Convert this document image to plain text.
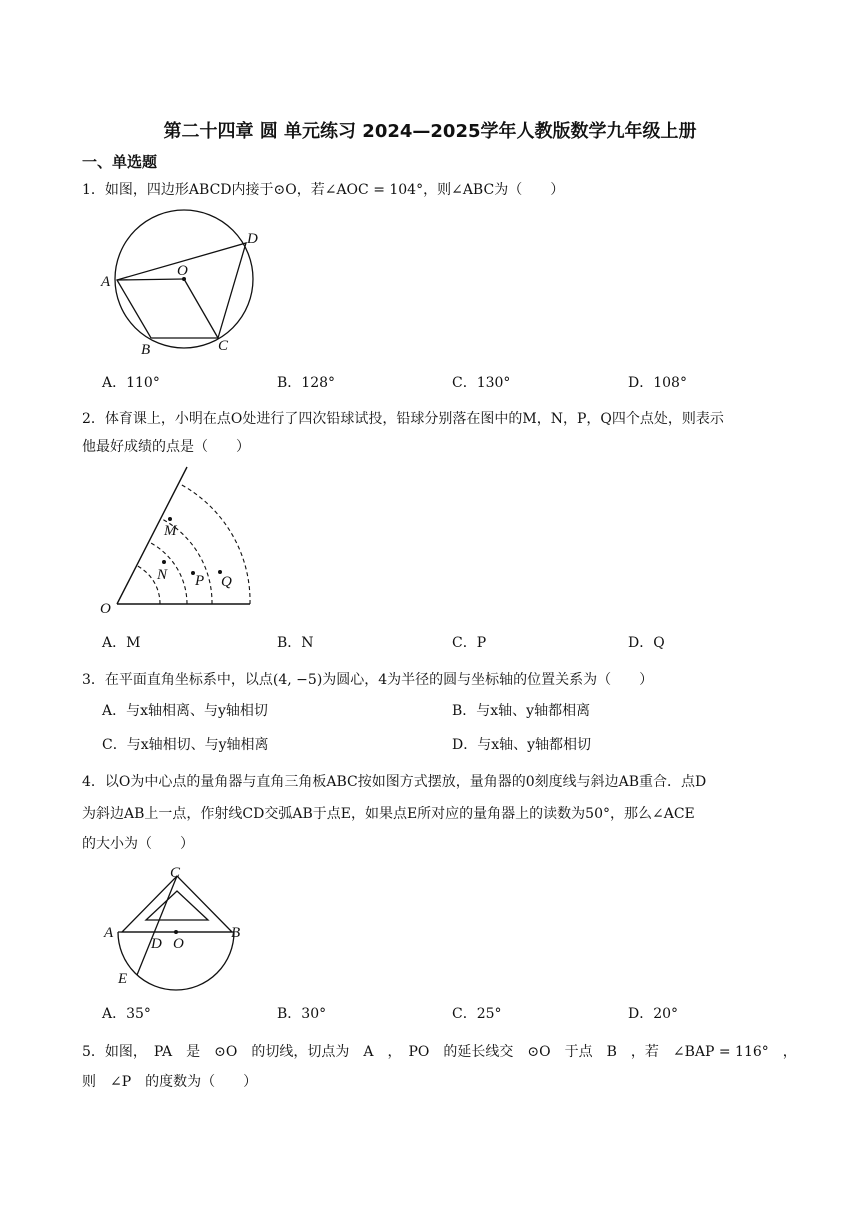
第二十四章 圆 单元练习 2024—2025学年人教版数学九年级上册
一、单选题
1．如图，四边形ABCD内接于⊙O，若∠AOC = 104°，则∠ABC为（　　）
A
B	C
D
O
A．110°	B．128°	C．130°	D．108°
2．体育课上，小明在点O处进行了四次铅球试投，铅球分别落在图中的M，N，P，Q四个点处，则表示
他最好成绩的点是（　　）
O
M
N P Q
A．M	B．N	C．P	D．Q
3．在平面直角坐标系中，以点(4, −5)为圆心，4为半径的圆与坐标轴的位置关系为（　　）
A．与x轴相离、与y轴相切	B．与x轴、y轴都相离
C．与x轴相切、与y轴相离	D．与x轴、y轴都相切
4．以O为中心点的量角器与直角三角板ABC按如图方式摆放，量角器的0刻度线与斜边AB重合．点D
为斜边AB上一点，作射线CD交弧AB于点E，如果点E所对应的量角器上的读数为50°，那么∠ACE
的大小为（　　）
A	B
C
D O
E
A．35°	B．30°	C．25°	D．20°
5．如图，　PA　是　⊙O　的切线，切点为　A　，　PO　的延长线交　⊙O　于点　B　，若　∠BAP = 116°　，
则　∠P　的度数为（　　）
